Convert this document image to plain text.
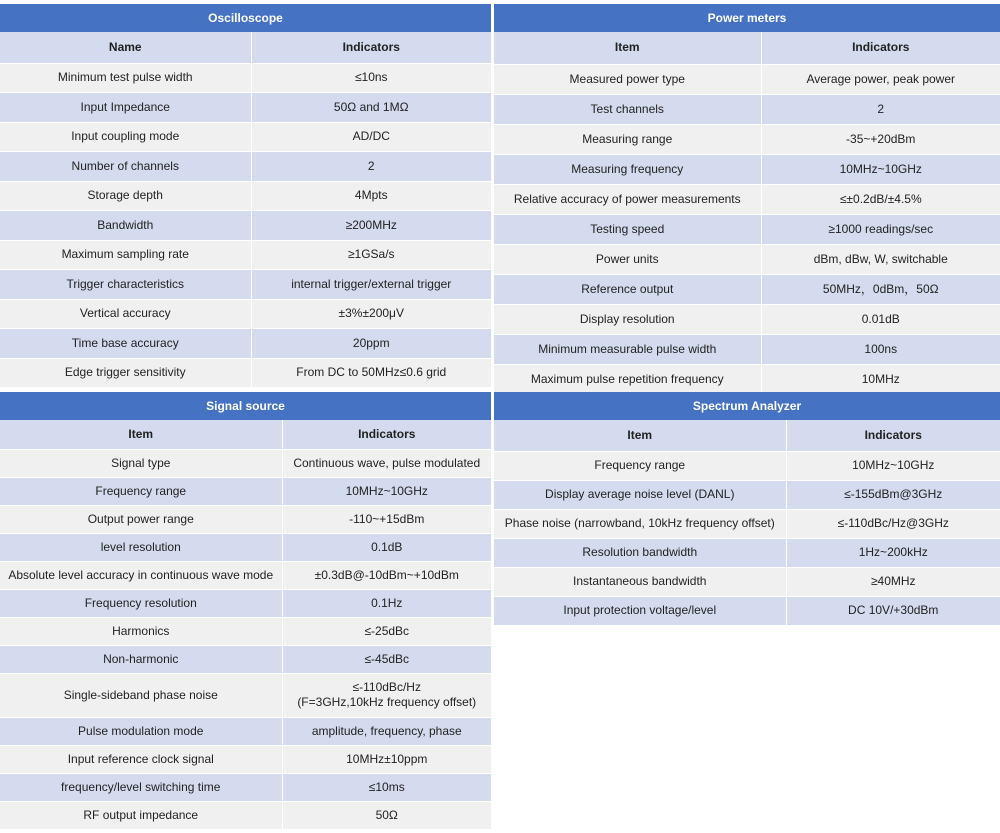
Oscilloscope
Name	Indicators
Minimum test pulse width	≤10ns
Input Impedance	50Ω and 1MΩ
Input coupling mode	AD/DC
Number of channels	2
Storage depth	4Mpts
Bandwidth	≥200MHz
Maximum sampling rate	≥1GSa/s
Trigger characteristics	internal trigger/external trigger
Vertical accuracy	±3%±200μV
Time base accuracy	20ppm
Edge trigger sensitivity	From DC to 50MHz≤0.6 grid
Power meters
Item	Indicators
Measured power type	Average power, peak power
Test channels	2
Measuring range	-35~+20dBm
Measuring frequency	10MHz~10GHz
Relative accuracy of power measurements	≤±0.2dB/±4.5%
Testing speed	≥1000 readings/sec
Power units	dBm, dBw, W, switchable
Reference output	50MHz，0dBm，50Ω
Display resolution	0.01dB
Minimum measurable pulse width	100ns
Maximum pulse repetition frequency	10MHz
Signal source
Item	Indicators
Signal type	Continuous wave, pulse modulated
Frequency range	10MHz~10GHz
Output power range	-110~+15dBm
level resolution	0.1dB
Absolute level accuracy in continuous wave mode	±0.3dB@-10dBm~+10dBm
Frequency resolution	0.1Hz
Harmonics	≤-25dBc
Non-harmonic	≤-45dBc
Single-sideband phase noise	≤-110dBc/Hz
(F=3GHz,10kHz frequency offset)
Pulse modulation mode	amplitude, frequency, phase
Input reference clock signal	10MHz±10ppm
frequency/level switching time	≤10ms
RF output impedance	50Ω
Spectrum Analyzer
Item	Indicators
Frequency range	10MHz~10GHz
Display average noise level (DANL)	≤-155dBm@3GHz
Phase noise (narrowband, 10kHz frequency offset)	≤-110dBc/Hz@3GHz
Resolution bandwidth	1Hz~200kHz
Instantaneous bandwidth	≥40MHz
Input protection voltage/level	DC 10V/+30dBm
